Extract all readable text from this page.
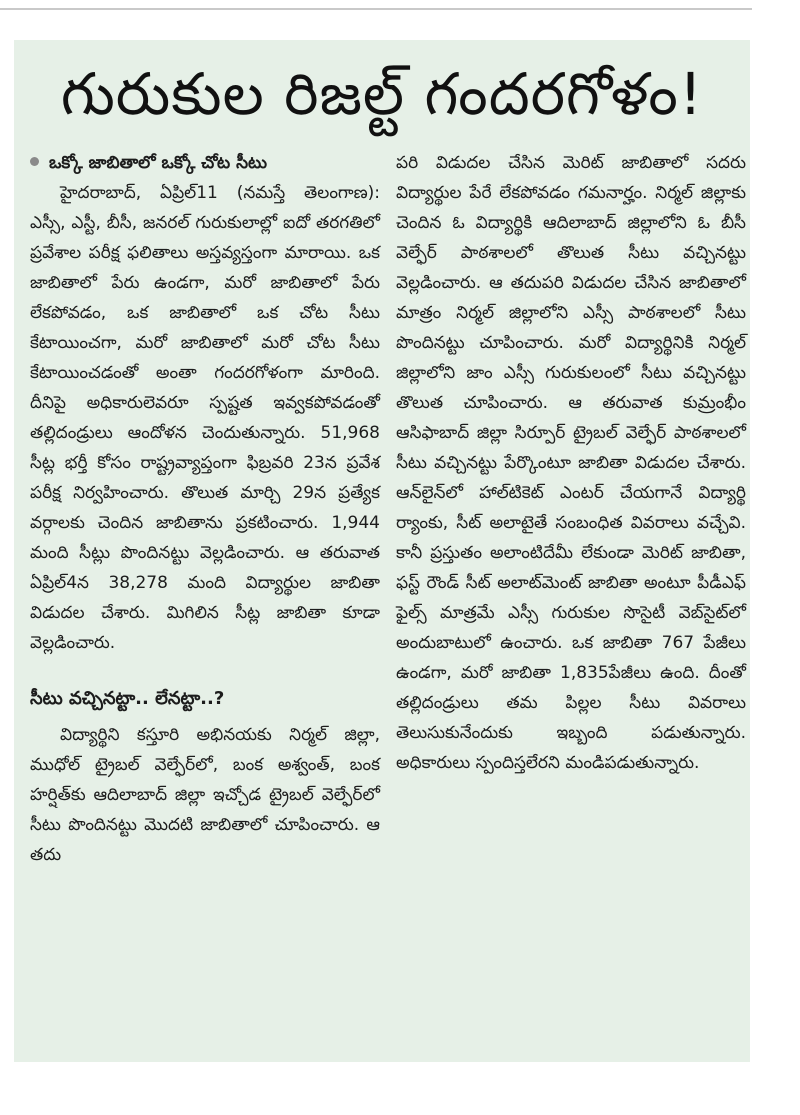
గురుకుల రిజల్ట్ గందరగోళం!
ఒక్కో జాబితాలో ఒక్కో చోట సీటు

హైదరాబాద్, ఏప్రిల్11 (నమస్తే తెలంగాణ): ఎస్సీ, ఎస్టీ, బీసీ, జనరల్ గురుకులాల్లో ఐదో తరగతిలో ప్రవేశాల పరీక్ష ఫలితాలు అస్తవ్యస్తంగా మారాయి. ఒక జాబితాలో పేరు ఉండగా, మరో జాబితాలో పేరు లేకపోవడం, ఒక జాబితాలో ఒక చోట సీటు కేటాయించగా, మరో జాబితాలో మరో చోట సీటు కేటాయించడంతో అంతా గందరగోళంగా మారింది. దీనిపై అధికారులెవరూ స్పష్టత ఇవ్వకపోవడంతో తల్లిదండ్రులు ఆందోళన చెందుతున్నారు. 51,968 సీట్ల భర్తీ కోసం రాష్ట్రవ్యాప్తంగా ఫిబ్రవరి 23న ప్రవేశ పరీక్ష నిర్వహించారు. తొలుత మార్చి 29న ప్రత్యేక వర్గాలకు చెందిన జాబితాను ప్రకటించారు. 1,944 మంది సీట్లు పొందినట్టు వెల్లడించారు. ఆ తరువాత ఏప్రిల్4న 38,278 మంది విద్యార్థుల జాబితా విడుదల చేశారు. మిగిలిన సీట్ల జాబితా కూడా వెల్లడించారు.

సీటు వచ్చినట్టా.. లేనట్టా..?

విద్యార్థిని కస్తూరి అభినయకు నిర్మల్ జిల్లా, ముధోల్ ట్రైబల్ వెల్ఫేర్‌లో, బంక అశ్వంత్, బంక హర్షిత్‌కు ఆదిలాబాద్ జిల్లా ఇచ్చోడ ట్రైబల్ వెల్ఫేర్‌లో సీటు పొందినట్టు మొదటి జాబితాలో చూపించారు. ఆ తదు

పరి విడుదల చేసిన మెరిట్ జాబితాలో సదరు విద్యార్థుల పేరే లేకపోవడం గమనార్హం. నిర్మల్ జిల్లాకు చెందిన ఓ విద్యార్థికి ఆదిలాబాద్ జిల్లాలోని ఓ బీసీ వెల్ఫేర్ పాఠశాలలో తొలుత సీటు వచ్చినట్టు వెల్లడించారు. ఆ తదుపరి విడుదల చేసిన జాబితాలో మాత్రం నిర్మల్ జిల్లాలోని ఎస్సీ పాఠశాలలో సీటు పొందినట్టు చూపించారు. మరో విద్యార్థినికి నిర్మల్ జిల్లాలోని జాం ఎస్సీ గురుకులంలో సీటు వచ్చినట్టు తొలుత చూపించారు. ఆ తరువాత కుమ్రంభీం ఆసిఫాబాద్ జిల్లా సిర్పూర్ ట్రైబల్ వెల్ఫేర్ పాఠశాలలో సీటు వచ్చినట్టు పేర్కొంటూ జాబితా విడుదల చేశారు. ఆన్‌లైన్‌లో హాల్‌టికెట్ ఎంటర్ చేయగానే విద్యార్థి ర్యాంకు, సీట్ అలాటైతే సంబంధిత వివరాలు వచ్చేవి. కానీ ప్రస్తుతం అలాంటిదేమీ లేకుండా మెరిట్ జాబితా, ఫస్ట్ రౌండ్ సీట్ అలాట్‌మెంట్ జాబితా అంటూ పీడీఎఫ్ ఫైల్స్ మాత్రమే ఎస్సీ గురుకుల సొసైటీ వెబ్‌సైట్‌లో అందుబాటులో ఉంచారు. ఒక జాబితా 767 పేజీలు ఉండగా, మరో జాబితా 1,835పేజీలు ఉంది. దీంతో తల్లిదండ్రులు తమ పిల్లల సీటు వివరాలు తెలుసుకునేందుకు ఇబ్బంది పడుతున్నారు. అధికారులు స్పందిస్తలేరని మండిపడుతున్నారు.
